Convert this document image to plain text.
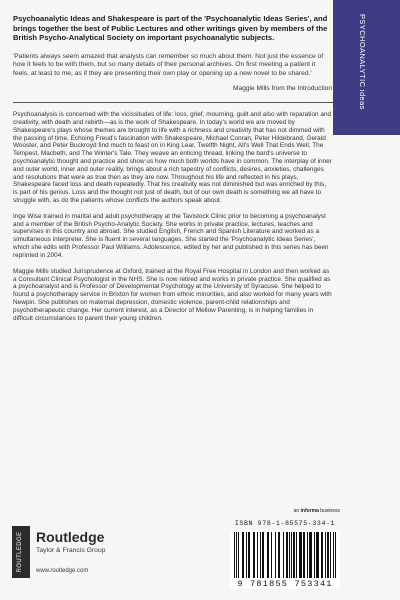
PSYCHOANALYTIC ideas

Psychoanalytic Ideas and Shakespeare is part of the 'Psychoanalytic Ideas Series', and brings together the best of Public Lectures and other writings given by members of the British Psycho-Analytical Society on important psychoanalytic subjects.

'Patients always seem amazed that analysts can remember so much about them. Not just the essence of how it feels to be with them, but so many details of their personal archives. On first meeting a patient it feels, at least to me, as if they are presenting their own play or opening up a new novel to be shared.'

Maggie Mills from the Introduction

Psychoanalysis is concerned with the vicissitudes of life: loss, grief, mourning, guilt and also with reparation and creativity, with death and rebirth—as is the work of Shakespeare. In today's world we are moved by Shakespeare's plays whose themes are brought to life with a richness and creativity that has not dimmed with the passing of time. Echoing Freud's fascination with Shakespeare, Michael Conran, Peter Hildebrand, Gerald Wooster, and Peter Buckroyd find much to feast on in King Lear, Twelfth Night, All's Well That Ends Well, The Tempest, Macbeth, and The Winter's Tale. They weave an enticing thread, linking the bard's universe to psychoanalytic thought and practice and show us how much both worlds have in common. The interplay of inner and outer world, inner and outer reality, brings about a rich tapestry of conflicts, desires, anxieties, challenges and resolutions that were as true then as they are now. Throughout his life and reflected in his plays, Shakespeare faced loss and death repeatedly. That his creativity was not diminished but was enriched by this, is part of his genius. Loss and the thought not just of death, but of our own death is something we all have to struggle with, as do the patients whose conflicts the authors speak about.

Inge Wise trained in marital and adult psychotherapy at the Tavistock Clinic prior to becoming a psychoanalyst and a member of the British Psycho-Analytic Society. She works in private practice, lectures, teaches and supervises in this country and abroad. She studied English, French and Spanish Literature and worked as a simultaneous interpreter. She is fluent in several languages. She started the 'Psychoanalytic Ideas Series', which she edits with Professor Paul Williams. Adolescence, edited by her and published in this series has been reprinted in 2004.

Maggie Mills studied Jurisprudence at Oxford, trained at the Royal Free Hospital in London and then worked as a Consultant Clinical Psychologist in the NHS. She is now retired and works in private practice. She qualified as a psychoanalyst and is Professor of Developmental Psychology at the University of Syracuse. She helped to found a psychotherapy service in Brixton for women from ethnic minorities, and also worked for many years with Newpin. She publishes on maternal depression, domestic violence, parent-child relationships and psychotherapeutic change. Her current interest, as a Director of Mellow Parenting, is in helping families in difficult circumstances to parent their young children.

ROUTLEDGE Routledge
Taylor & Francis Group
www.routledge.com
an informa business
ISBN 978-1-85575-334-1
9 781855 753341
